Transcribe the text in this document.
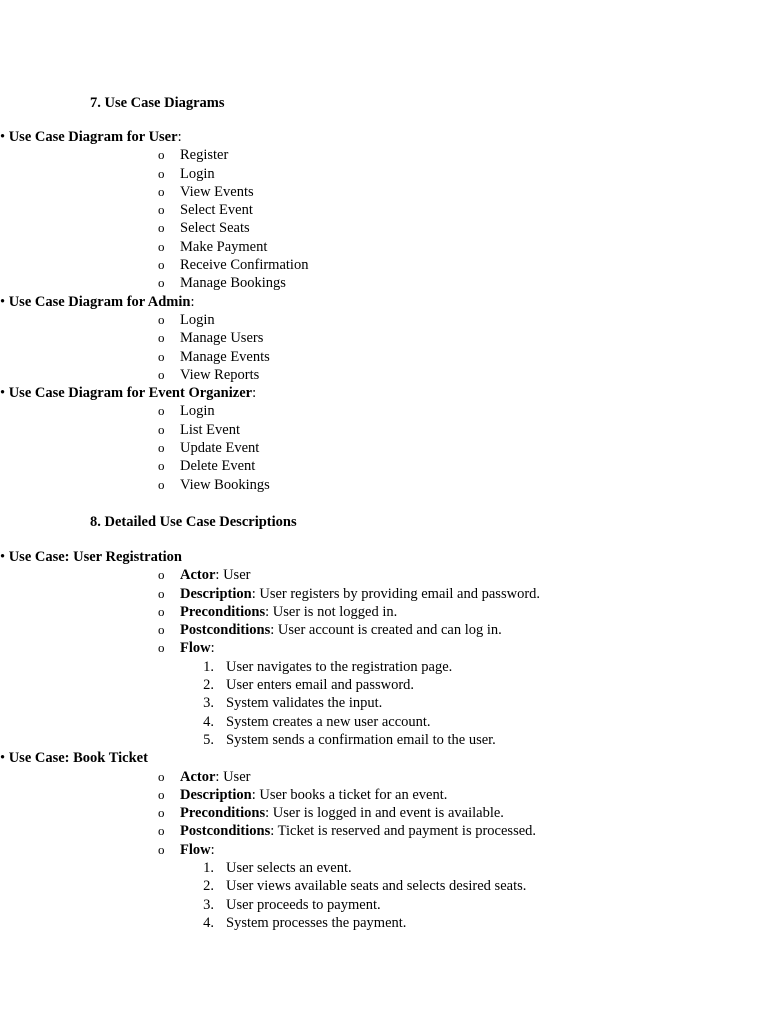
7. Use Case Diagrams
• Use Case Diagram for User:
o Register
o Login
o View Events
o Select Event
o Select Seats
o Make Payment
o Receive Confirmation
o Manage Bookings
• Use Case Diagram for Admin:
o Login
o Manage Users
o Manage Events
o View Reports
• Use Case Diagram for Event Organizer:
o Login
o List Event
o Update Event
o Delete Event
o View Bookings
8. Detailed Use Case Descriptions
• Use Case: User Registration
o Actor: User
o Description: User registers by providing email and password.
o Preconditions: User is not logged in.
o Postconditions: User account is created and can log in.
o Flow:
1. User navigates to the registration page.
2. User enters email and password.
3. System validates the input.
4. System creates a new user account.
5. System sends a confirmation email to the user.
• Use Case: Book Ticket
o Actor: User
o Description: User books a ticket for an event.
o Preconditions: User is logged in and event is available.
o Postconditions: Ticket is reserved and payment is processed.
o Flow:
1. User selects an event.
2. User views available seats and selects desired seats.
3. User proceeds to payment.
4. System processes the payment.
